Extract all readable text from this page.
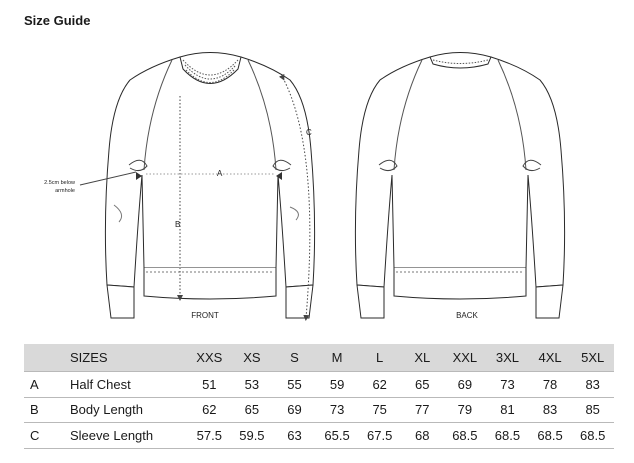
Size Guide
A
B
C
2.5cm below
armhole
FRONT	BACK
	SIZES	XXS	XS	S	M	L	XL	XXL	3XL	4XL	5XL
A	Half Chest	51	53	55	59	62	65	69	73	78	83
B	Body Length	62	65	69	73	75	77	79	81	83	85
C	Sleeve Length	57.5	59.5	63	65.5	67.5	68	68.5	68.5	68.5	68.5
